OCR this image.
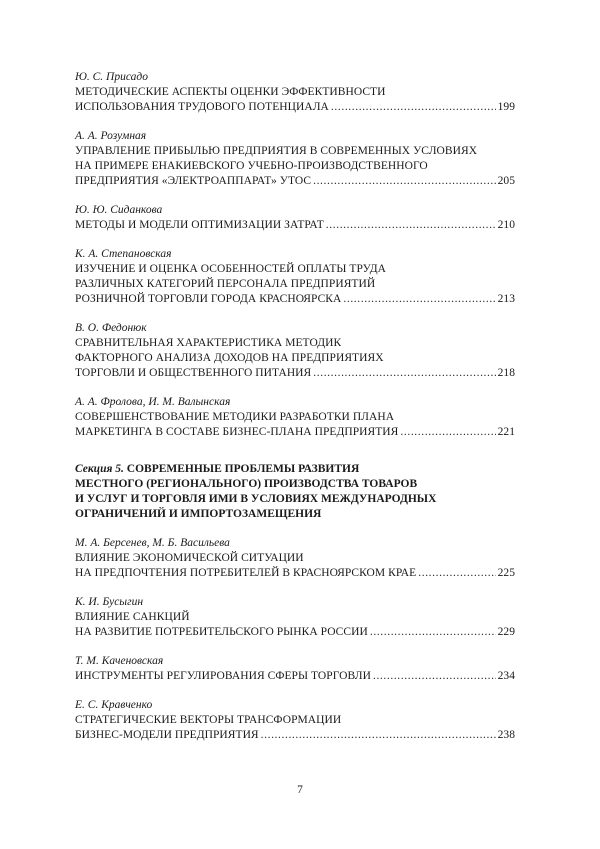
Ю. С. Присадо
МЕТОДИЧЕСКИЕ АСПЕКТЫ ОЦЕНКИ ЭФФЕКТИВНОСТИ
ИСПОЛЬЗОВАНИЯ ТРУДОВОГО ПОТЕНЦИАЛА .....	199
А. А. Розумная
УПРАВЛЕНИЕ ПРИБЫЛЬЮ ПРЕДПРИЯТИЯ В СОВРЕМЕННЫХ УСЛОВИЯХ
НА ПРИМЕРЕ ЕНАКИЕВСКОГО УЧЕБНО-ПРОИЗВОДСТВЕННОГО
ПРЕДПРИЯТИЯ «ЭЛЕКТРОАППАРАТ» УТОС .....	205
Ю. Ю. Сиданкова
МЕТОДЫ И МОДЕЛИ ОПТИМИЗАЦИИ ЗАТРАТ .....	210
К. А. Степановская
ИЗУЧЕНИЕ И ОЦЕНКА ОСОБЕННОСТЕЙ ОПЛАТЫ ТРУДА
РАЗЛИЧНЫХ КАТЕГОРИЙ ПЕРСОНАЛА ПРЕДПРИЯТИЙ
РОЗНИЧНОЙ ТОРГОВЛИ ГОРОДА КРАСНОЯРСКА .....	213
В. О. Федонюк
СРАВНИТЕЛЬНАЯ ХАРАКТЕРИСТИКА МЕТОДИК
ФАКТОРНОГО АНАЛИЗА ДОХОДОВ НА ПРЕДПРИЯТИЯХ
ТОРГОВЛИ И ОБЩЕСТВЕННОГО ПИТАНИЯ .....	218
А. А. Фролова, И. М. Валынская
СОВЕРШЕНСТВОВАНИЕ МЕТОДИКИ РАЗРАБОТКИ ПЛАНА
МАРКЕТИНГА В СОСТАВЕ БИЗНЕС-ПЛАНА ПРЕДПРИЯТИЯ .....	221
Секция 5. СОВРЕМЕННЫЕ ПРОБЛЕМЫ РАЗВИТИЯ
МЕСТНОГО (РЕГИОНАЛЬНОГО) ПРОИЗВОДСТВА ТОВАРОВ
И УСЛУГ И ТОРГОВЛЯ ИМИ В УСЛОВИЯХ МЕЖДУНАРОДНЫХ
ОГРАНИЧЕНИЙ И ИМПОРТОЗАМЕЩЕНИЯ
М. А. Берсенев, М. Б. Васильева
ВЛИЯНИЕ ЭКОНОМИЧЕСКОЙ СИТУАЦИИ
НА ПРЕДПОЧТЕНИЯ ПОТРЕБИТЕЛЕЙ В КРАСНОЯРСКОМ КРАЕ .....	225
К. И. Бусыгин
ВЛИЯНИЕ САНКЦИЙ
НА РАЗВИТИЕ ПОТРЕБИТЕЛЬСКОГО РЫНКА РОССИИ .....	229
Т. М. Каченовская
ИНСТРУМЕНТЫ РЕГУЛИРОВАНИЯ СФЕРЫ ТОРГОВЛИ .....	234
Е. С. Кравченко
СТРАТЕГИЧЕСКИЕ ВЕКТОРЫ ТРАНСФОРМАЦИИ
БИЗНЕС-МОДЕЛИ ПРЕДПРИЯТИЯ .....	238
7
